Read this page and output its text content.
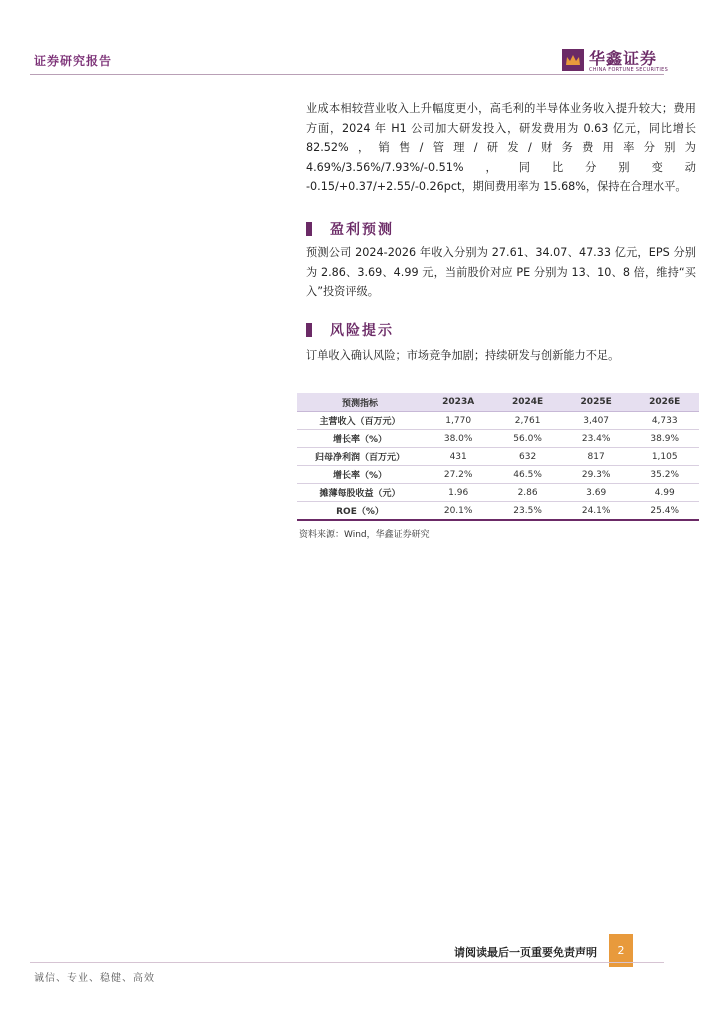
证券研究报告	华鑫证券
CHINA FORTUNE SECURITIES
业成本相较营业收入上升幅度更小，高毛利的半导体业务收入提升较大；费用方面，2024 年 H1 公司加大研发投入，研发费用为 0.63 亿元，同比增长 82.52%，销售/管理/研发/财务费用率分别为 4.69%/3.56%/7.93%/-0.51%，同比分别变动 -0.15/+0.37/+2.55/-0.26pct，期间费用率为 15.68%，保持在合理水平。
盈利预测
预测公司 2024-2026 年收入分别为 27.61、34.07、47.33 亿元，EPS 分别为 2.86、3.69、4.99 元，当前股价对应 PE 分别为 13、10、8 倍，维持“买入”投资评级。
风险提示
订单收入确认风险；市场竞争加剧；持续研发与创新能力不足。
预测指标	2023A	2024E	2025E	2026E
主营收入（百万元）	1,770	2,761	3,407	4,733
增长率（%）	38.0%	56.0%	23.4%	38.9%
归母净利润（百万元）	431	632	817	1,105
增长率（%）	27.2%	46.5%	29.3%	35.2%
摊薄每股收益（元）	1.96	2.86	3.69	4.99
ROE（%）	20.1%	23.5%	24.1%	25.4%
资料来源：Wind，华鑫证券研究
请阅读最后一页重要免责声明	2
诚信、专业、稳健、高效
